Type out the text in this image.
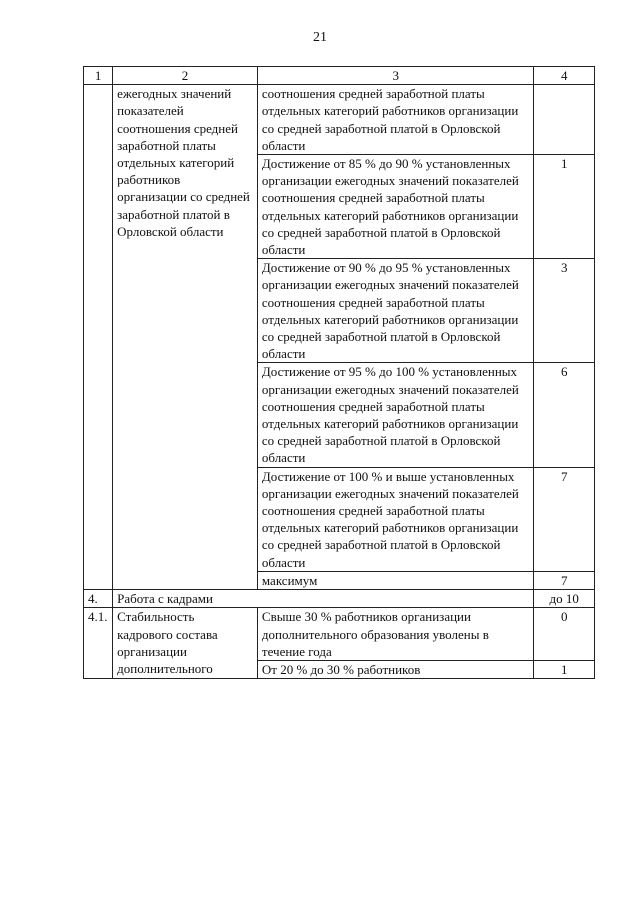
21
1	2	3	4
	ежегодных значений показателей соотношения средней заработной платы отдельных категорий работников организации со средней заработной платой в Орловской области	соотношения средней заработной платы отдельных категорий работников организации со средней заработной платой в Орловской области	
		Достижение от 85 % до 90 % установленных организации ежегодных значений показателей соотношения средней заработной платы отдельных категорий работников организации со средней заработной платой в Орловской области	1
		Достижение от 90 % до 95 % установленных организации ежегодных значений показателей соотношения средней заработной платы отдельных категорий работников организации со средней заработной платой в Орловской области	3
		Достижение от 95 % до 100 % установленных организации ежегодных значений показателей соотношения средней заработной платы отдельных категорий работников организации со средней заработной платой в Орловской области	6
		Достижение от 100 % и выше установленных организации ежегодных значений показателей соотношения средней заработной платы отдельных категорий работников организации со средней заработной платой в Орловской области	7
		максимум	7
4.	Работа с кадрами		до 10
4.1.	Стабильность кадрового состава организации дополнительного	Свыше 30 % работников организации дополнительного образования уволены в течение года	0
		От 20 % до 30 % работников	1
